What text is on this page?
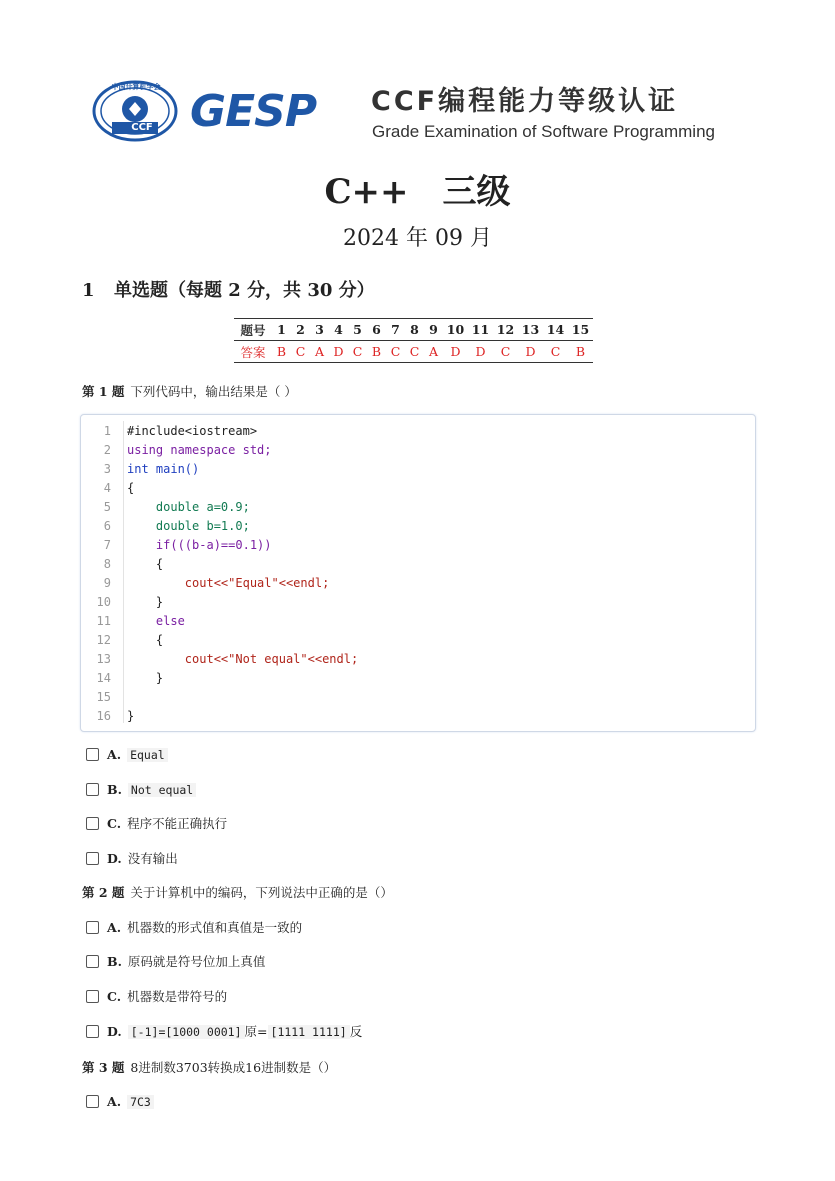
中国计算机学会
CCF GESP CCF编程能力等级认证
Grade Examination of Software Programming
C++　三级
2024 年 09 月
1 单选题（每题 2 分，共 30 分）
题号	1	2	3	4	5	6	7	8	9	10	11	12	13	14	15
答案	B	C	A	D	C	B	C	C	A	D	D	C	D	C	B
第 1 题 下列代码中，输出结果是（ ）
1
2
3
4
5
6
7
8
9
10
11
12
13
14
15
16
#include<iostream>
using namespace std;
int main()
{
double a=0.9;
double b=1.0;
if(((b-a)==0.1))
{
cout<<"Equal"<<endl;
}
else
{
cout<<"Not equal"<<endl;
}
}
A. Equal
B. Not equal
C. 程序不能正确执行
D. 没有输出
第 2 题 关于计算机中的编码，下列说法中正确的是（）
A. 机器数的形式值和真值是一致的
B. 原码就是符号位加上真值
C. 机器数是带符号的
D. [-1]=[1000 0001] 原= [1111 1111] 反
第 3 题 8进制数3703转换成16进制数是（）
A. 7C3
